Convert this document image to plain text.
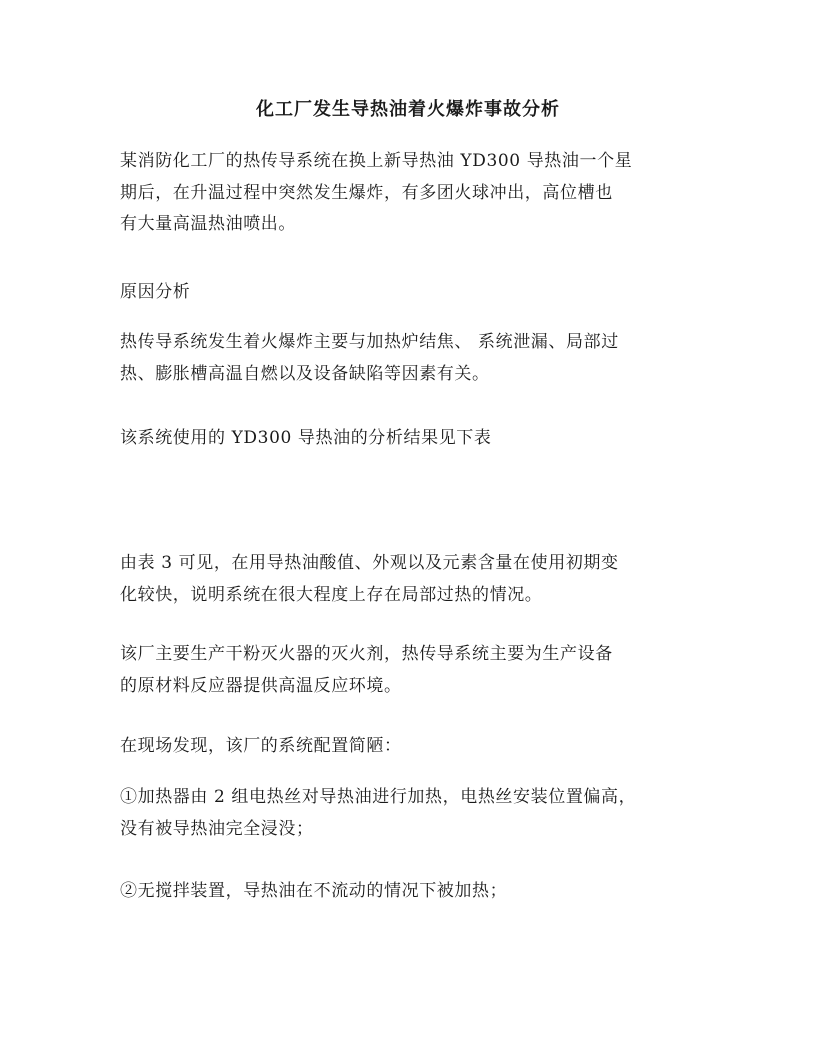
化工厂发生导热油着火爆炸事故分析

某消防化工厂的热传导系统在换上新导热油 YD300 导热油一个星
期后，在升温过程中突然发生爆炸，有多团火球冲出，高位槽也
有大量高温热油喷出。

原因分析

热传导系统发生着火爆炸主要与加热炉结焦、 系统泄漏、局部过
热、膨胀槽高温自燃以及设备缺陷等因素有关。

该系统使用的 YD300 导热油的分析结果见下表

由表 3 可见，在用导热油酸值、外观以及元素含量在使用初期变
化较快，说明系统在很大程度上存在局部过热的情况。

该厂主要生产干粉灭火器的灭火剂，热传导系统主要为生产设备
的原材料反应器提供高温反应环境。

在现场发现，该厂的系统配置简陋：

①加热器由 2 组电热丝对导热油进行加热，电热丝安装位置偏高，
没有被导热油完全浸没；

②无搅拌装置，导热油在不流动的情况下被加热；
